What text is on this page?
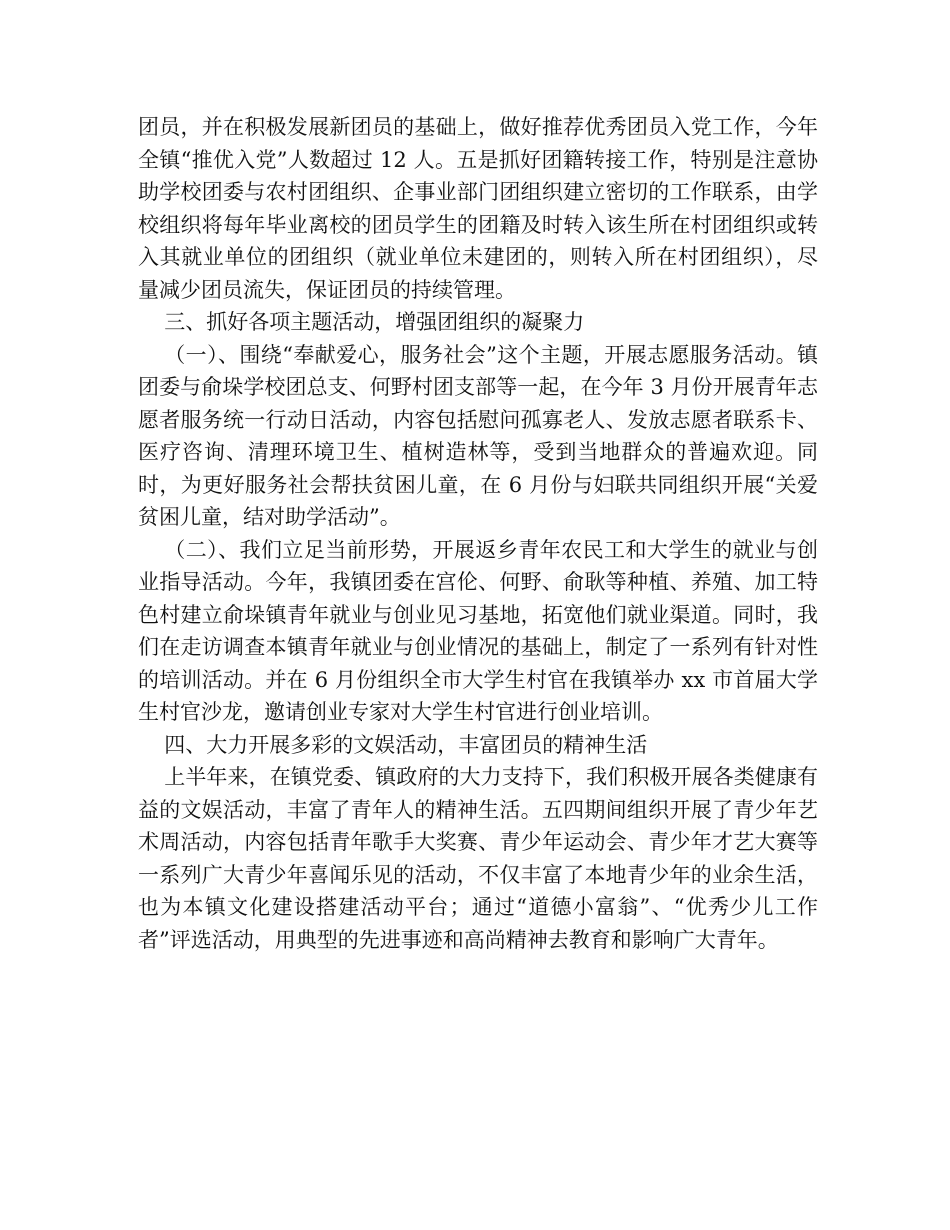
团员，并在积极发展新团员的基础上，做好推荐优秀团员入党工作，今年全镇“推优入党”人数超过 12 人。五是抓好团籍转接工作，特别是注意协助学校团委与农村团组织、企事业部门团组织建立密切的工作联系，由学校组织将每年毕业离校的团员学生的团籍及时转入该生所在村团组织或转入其就业单位的团组织（就业单位未建团的，则转入所在村团组织），尽量减少团员流失，保证团员的持续管理。

三、抓好各项主题活动，增强团组织的凝聚力

（一）、围绕“奉献爱心，服务社会”这个主题，开展志愿服务活动。镇团委与俞垛学校团总支、何野村团支部等一起，在今年 3 月份开展青年志愿者服务统一行动日活动，内容包括慰问孤寡老人、发放志愿者联系卡、医疗咨询、清理环境卫生、植树造林等，受到当地群众的普遍欢迎。同时，为更好服务社会帮扶贫困儿童，在 6 月份与妇联共同组织开展“关爱贫困儿童，结对助学活动”。

（二）、我们立足当前形势，开展返乡青年农民工和大学生的就业与创业指导活动。今年，我镇团委在宫伦、何野、俞耿等种植、养殖、加工特色村建立俞垛镇青年就业与创业见习基地，拓宽他们就业渠道。同时，我们在走访调查本镇青年就业与创业情况的基础上，制定了一系列有针对性的培训活动。并在 6 月份组织全市大学生村官在我镇举办 xx 市首届大学生村官沙龙，邀请创业专家对大学生村官进行创业培训。

四、大力开展多彩的文娱活动，丰富团员的精神生活

上半年来，在镇党委、镇政府的大力支持下，我们积极开展各类健康有益的文娱活动，丰富了青年人的精神生活。五四期间组织开展了青少年艺术周活动，内容包括青年歌手大奖赛、青少年运动会、青少年才艺大赛等一系列广大青少年喜闻乐见的活动，不仅丰富了本地青少年的业余生活，也为本镇文化建设搭建活动平台；通过“道德小富翁”、“优秀少儿工作者”评选活动，用典型的先进事迹和高尚精神去教育和影响广大青年。
